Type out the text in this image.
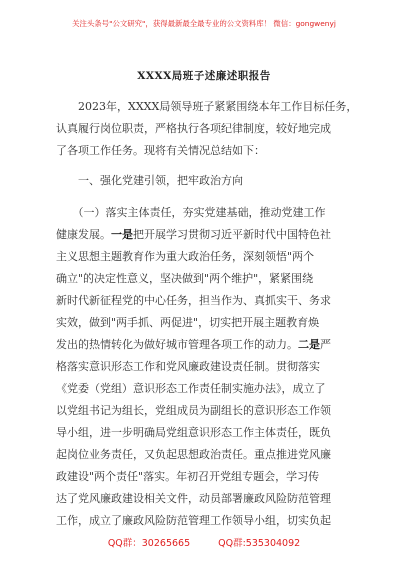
关注头条号"公文研究"，获得最新最全最专业的公文资料库！ 微信：gongwenyj
XXXX局班子述廉述职报告
　　2023年，XXXX局领导班子紧紧围绕本年工作目标任务，
认真履行岗位职责，严格执行各项纪律制度，较好地完成
了各项工作任务。现将有关情况总结如下：
　　一、强化党建引领，把牢政治方向
　　（一）落实主体责任，夯实党建基础，推动党建工作
健康发展。一是把开展学习贯彻习近平新时代中国特色社
主义思想主题教育作为重大政治任务，深刻领悟"两个
确立"的决定性意义，坚决做到"两个维护"，紧紧围绕
新时代新征程党的中心任务，担当作为、真抓实干、务求
实效，做到"两手抓、两促进"，切实把开展主题教育焕
发出的热情转化为做好城市管理各项工作的动力。二是严
格落实意识形态工作和党风廉政建设责任制。贯彻落实
《党委（党组）意识形态工作责任制实施办法》，成立了
以党组书记为组长，党组成员为副组长的意识形态工作领
导小组，进一步明确局党组意识形态工作主体责任，既负
起岗位业务责任，又负起思想政治责任。重点推进党风廉
政建设"两个责任"落实。年初召开党组专题会，学习传
达了党风廉政建设相关文件，动员部署廉政风险防范管理
工作，成立了廉政风险防范管理工作领导小组，切实负起
QQ群：30265665	QQ群:535304092
